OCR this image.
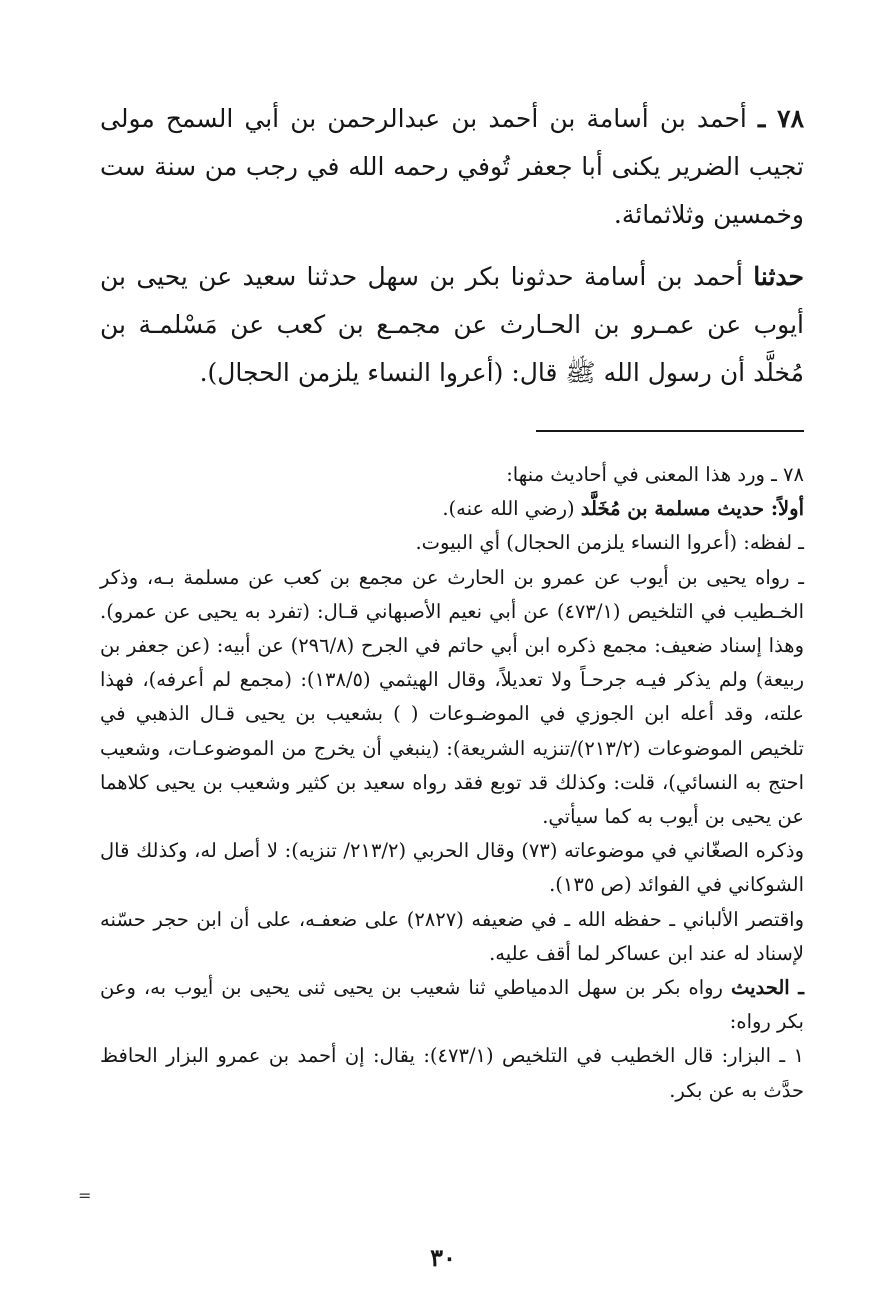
٧٨ ـ أحمد بن أسامة بن أحمد بن عبدالرحمن بن أبي السمح مولى تجيب الضرير يكنى أبا جعفر تُوفي رحمه الله في رجب من سنة ست وخمسين وثلاثمائة.

حدثنا أحمد بن أسامة حدثونا بكر بن سهل حدثنا سعيد عن يحيى بن أيوب عن عمـرو بن الحـارث عن مجمـع بن كعب عن مَسْلمـة بن مُخلَّد أن رسول الله ﷺ قال: (أعروا النساء يلزمن الحجال).

٧٨ ـ ورد هذا المعنى في أحاديث منها:

أولاً: حديث مسلمة بن مُخَلَّد (رضي الله عنه).

ـ لفظه: (أعروا النساء يلزمن الحجال) أي البيوت.

ـ رواه يحيى بن أيوب عن عمرو بن الحارث عن مجمع بن كعب عن مسلمة بـه، وذكر الخـطيب في التلخيص (٤٧٣/١) عن أبي نعيم الأصبهاني قـال: (تفرد به يحيى عن عمرو). وهذا إسناد ضعيف: مجمع ذكره ابن أبي حاتم في الجرح (٢٩٦/٨) عن أبيه: (عن جعفر بن ربيعة) ولم يذكر فيـه جرحـاً ولا تعديلاً، وقال الهيثمي (١٣٨/٥): (مجمع لم أعرفه)، فهذا علته، وقد أعله ابن الجوزي في الموضـوعات ( ) بشعيب بن يحيى قـال الذهبي في تلخيص الموضوعات (٢١٣/٢)/تنزيه الشريعة): (ينبغي أن يخرج من الموضوعـات، وشعيب احتج به النسائي)، قلت: وكذلك قد توبع فقد رواه سعيد بن كثير وشعيب بن يحيى كلاهما عن يحيى بن أيوب به كما سيأتي.

وذكره الصغّاني في موضوعاته (٧٣) وقال الحربي (٢١٣/٢/ تنزيه): لا أصل له، وكذلك قال الشوكاني في الفوائد (ص ١٣٥).

واقتصر الألباني ـ حفظه الله ـ في ضعيفه (٢٨٢٧) على ضعفـه، على أن ابن حجر حسّنه لإسناد له عند ابن عساكر لما أقف عليه.

ـ الحديث رواه بكر بن سهل الدمياطي ثنا شعيب بن يحيى ثنى يحيى بن أيوب به، وعن بكر رواه:

١ ـ البزار: قال الخطيب في التلخيص (٤٧٣/١): يقال: إن أحمد بن عمرو البزار الحافظ حدَّث به عن بكر.

=
٣٠
